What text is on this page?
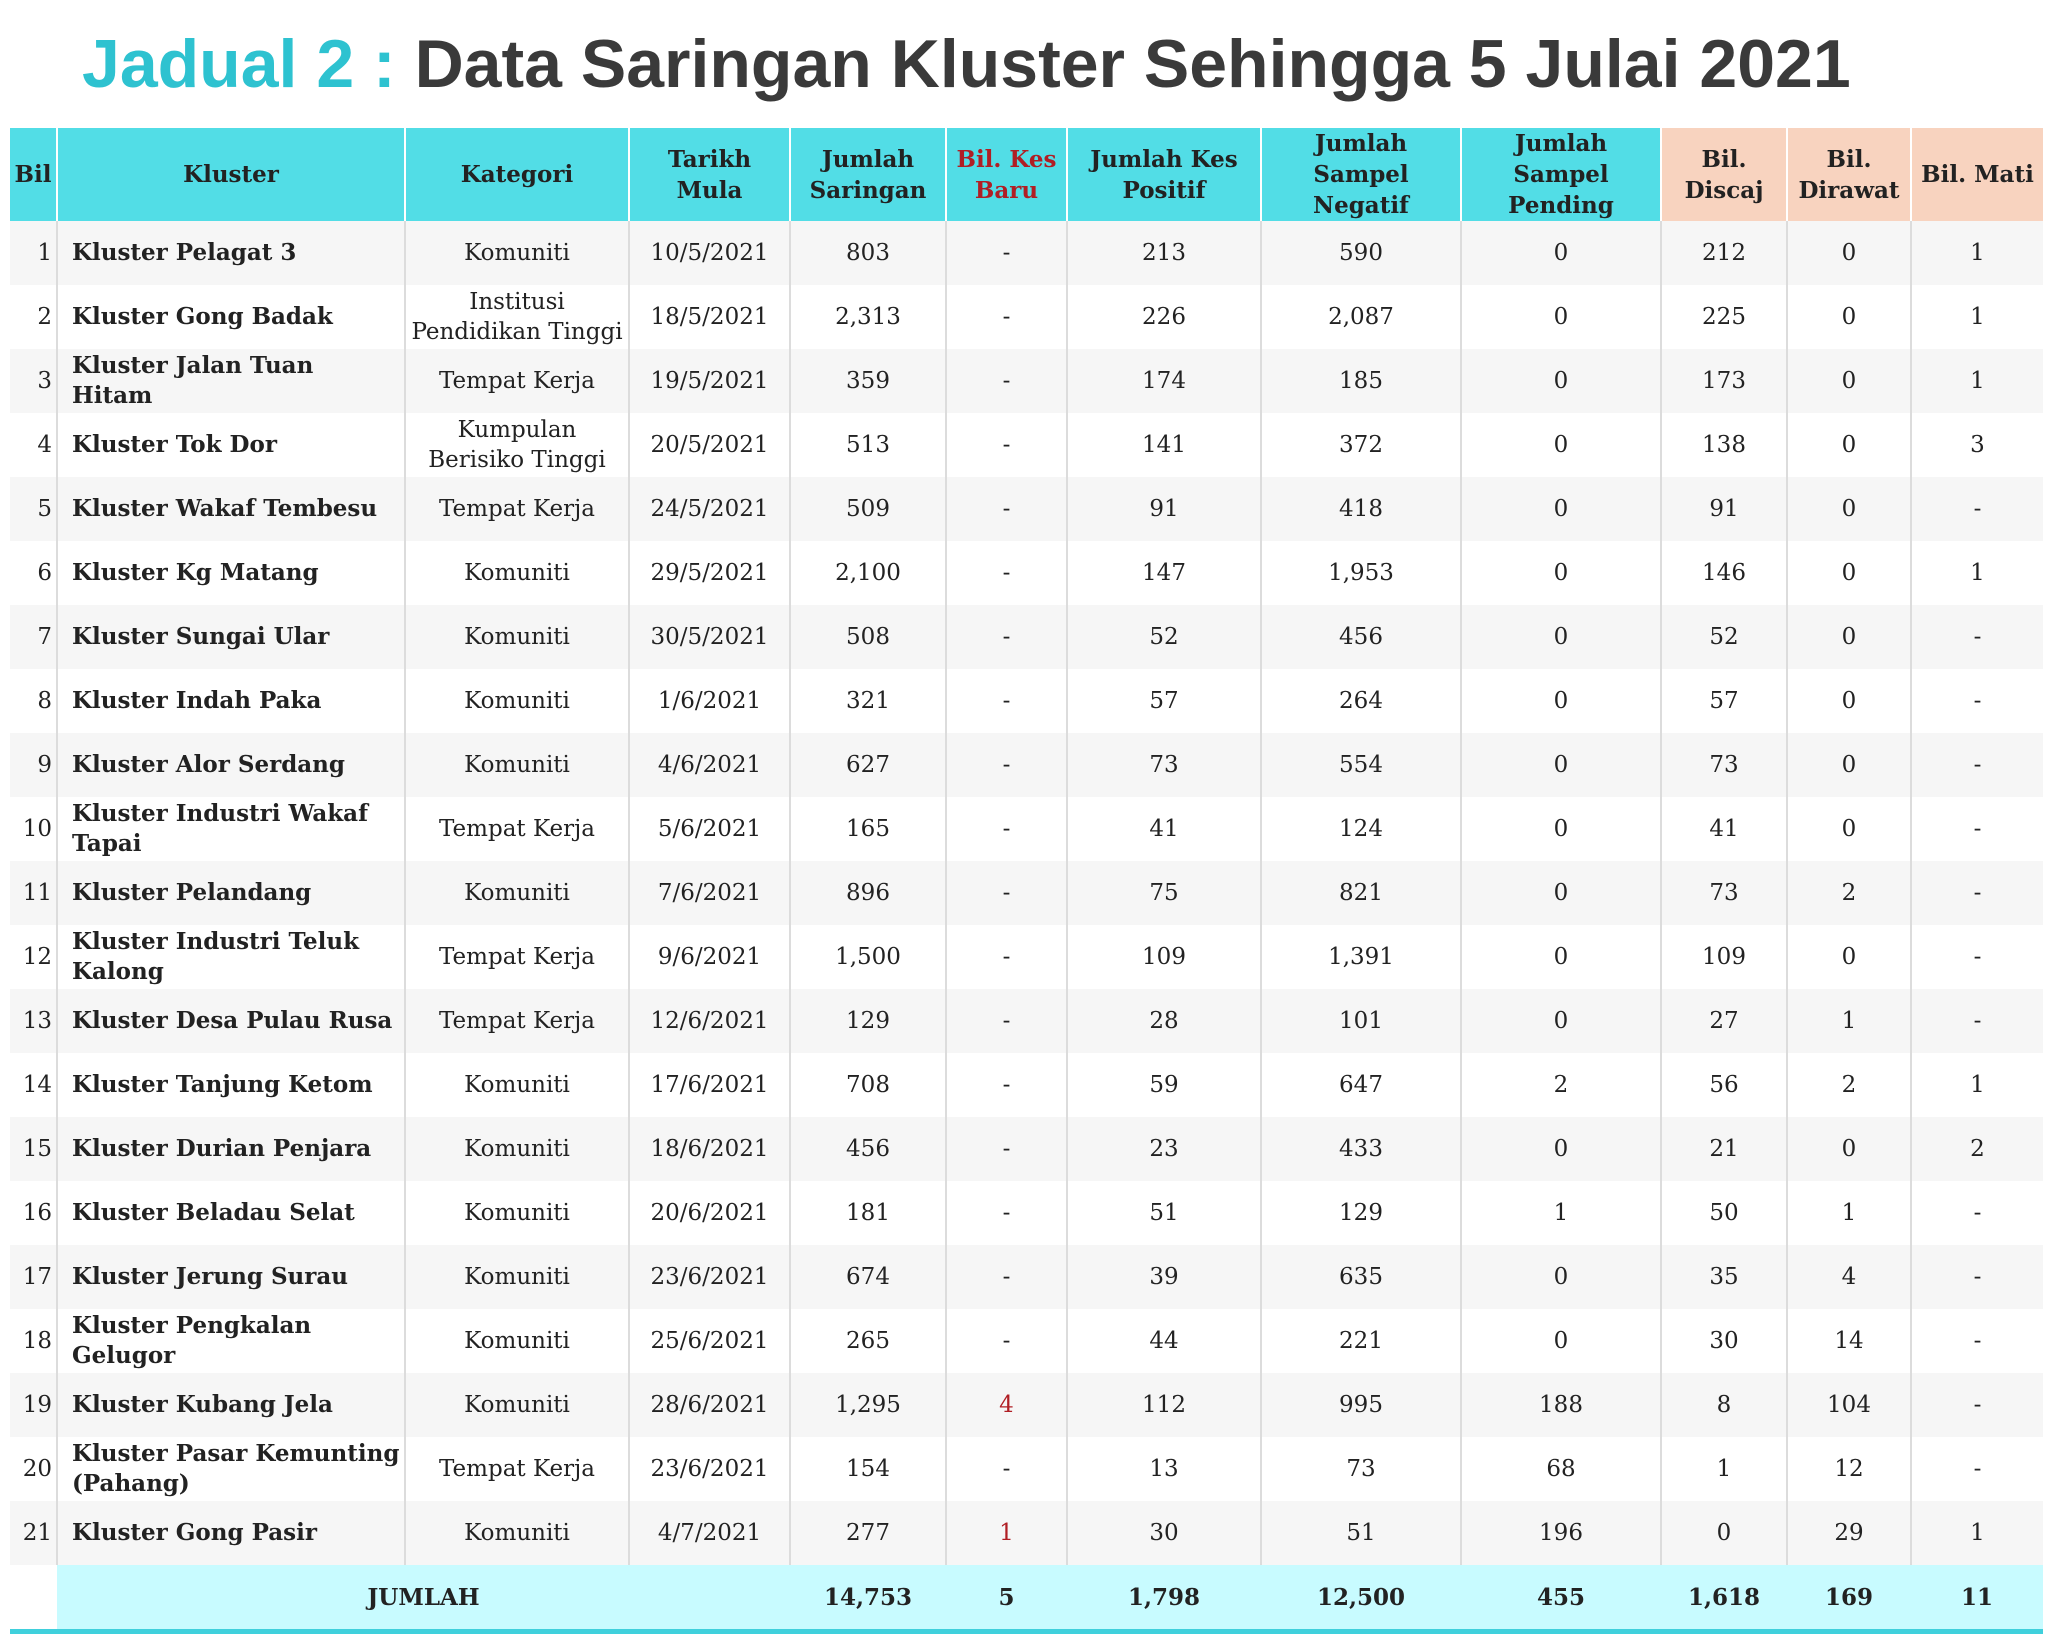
Jadual 2 : Data Saringan Kluster Sehingga 5 Julai 2021
Bil	Kluster	Kategori	Tarikh Mula	Jumlah Saringan	Bil. Kes Baru	Jumlah Kes Positif	Jumlah Sampel Negatif	Jumlah Sampel Pending	Bil. Discaj	Bil. Dirawat	Bil. Mati
1	Kluster Pelagat 3	Komuniti	10/5/2021	803	-	213	590	0	212	0	1
2	Kluster Gong Badak	Institusi Pendidikan Tinggi	18/5/2021	2,313	-	226	2,087	0	225	0	1
3	Kluster Jalan Tuan Hitam	Tempat Kerja	19/5/2021	359	-	174	185	0	173	0	1
4	Kluster Tok Dor	Kumpulan Berisiko Tinggi	20/5/2021	513	-	141	372	0	138	0	3
5	Kluster Wakaf Tembesu	Tempat Kerja	24/5/2021	509	-	91	418	0	91	0	-
6	Kluster Kg Matang	Komuniti	29/5/2021	2,100	-	147	1,953	0	146	0	1
7	Kluster Sungai Ular	Komuniti	30/5/2021	508	-	52	456	0	52	0	-
8	Kluster Indah Paka	Komuniti	1/6/2021	321	-	57	264	0	57	0	-
9	Kluster Alor Serdang	Komuniti	4/6/2021	627	-	73	554	0	73	0	-
10	Kluster Industri Wakaf Tapai	Tempat Kerja	5/6/2021	165	-	41	124	0	41	0	-
11	Kluster Pelandang	Komuniti	7/6/2021	896	-	75	821	0	73	2	-
12	Kluster Industri Teluk Kalong	Tempat Kerja	9/6/2021	1,500	-	109	1,391	0	109	0	-
13	Kluster Desa Pulau Rusa	Tempat Kerja	12/6/2021	129	-	28	101	0	27	1	-
14	Kluster Tanjung Ketom	Komuniti	17/6/2021	708	-	59	647	2	56	2	1
15	Kluster Durian Penjara	Komuniti	18/6/2021	456	-	23	433	0	21	0	2
16	Kluster Beladau Selat	Komuniti	20/6/2021	181	-	51	129	1	50	1	-
17	Kluster Jerung Surau	Komuniti	23/6/2021	674	-	39	635	0	35	4	-
18	Kluster Pengkalan Gelugor	Komuniti	25/6/2021	265	-	44	221	0	30	14	-
19	Kluster Kubang Jela	Komuniti	28/6/2021	1,295	4	112	995	188	8	104	-
20	Kluster Pasar Kemunting (Pahang)	Tempat Kerja	23/6/2021	154	-	13	73	68	1	12	-
21	Kluster Gong Pasir	Komuniti	4/7/2021	277	1	30	51	196	0	29	1
	JUMLAH			14,753	5	1,798	12,500	455	1,618	169	11
